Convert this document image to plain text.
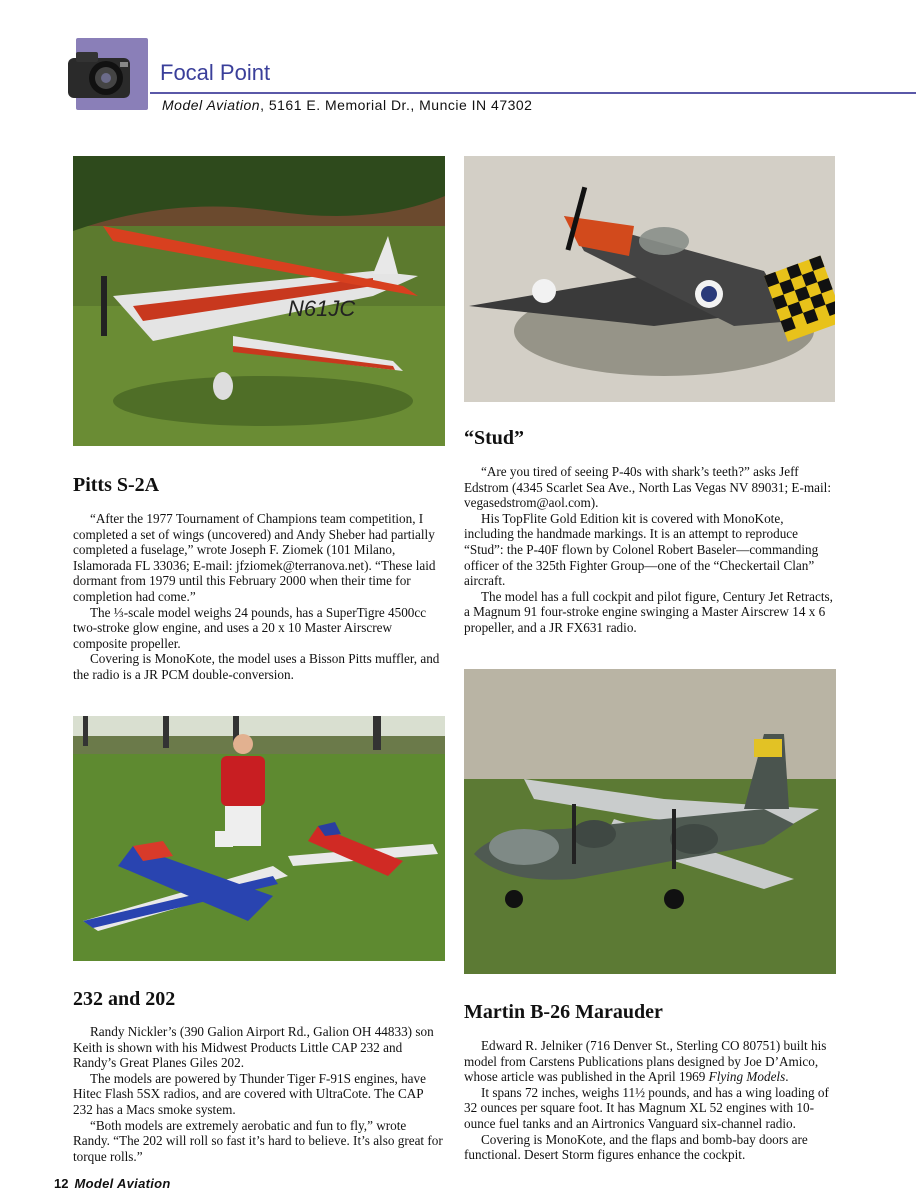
Focal Point
Model Aviation, 5161 E. Memorial Dr., Muncie IN 47302
N61JC
“Stud”

“Are you tired of seeing P-40s with shark’s teeth?” asks Jeff Edstrom (4345 Scarlet Sea Ave., North Las Vegas NV 89031; E-mail: vegasedstrom@aol.com).

His TopFlite Gold Edition kit is covered with MonoKote, including the handmade markings. It is an attempt to reproduce “Stud”: the P-40F flown by Colonel Robert Baseler—commanding officer of the 325th Fighter Group—one of the “Checkertail Clan” aircraft.

The model has a full cockpit and pilot figure, Century Jet Retracts, a Magnum 91 four-stroke engine swinging a Master Airscrew 14 x 6 propeller, and a JR FX631 radio.

Pitts S-2A

“After the 1977 Tournament of Champions team competition, I completed a set of wings (uncovered) and Andy Sheber had partially completed a fuselage,” wrote Joseph F. Ziomek (101 Milano, Islamorada FL 33036; E-mail: jfziomek@terranova.net). “These laid dormant from 1979 until this February 2000 when their time for completion had come.”

The ⅓-scale model weighs 24 pounds, has a SuperTigre 4500cc two-stroke glow engine, and uses a 20 x 10 Master Airscrew composite propeller.

Covering is MonoKote, the model uses a Bisson Pitts muffler, and the radio is a JR PCM double-conversion.

232 and 202

Randy Nickler’s (390 Galion Airport Rd., Galion OH 44833) son Keith is shown with his Midwest Products Little CAP 232 and Randy’s Great Planes Giles 202.

The models are powered by Thunder Tiger F-91S engines, have Hitec Flash 5SX radios, and are covered with UltraCote. The CAP 232 has a Macs smoke system.

“Both models are extremely aerobatic and fun to fly,” wrote Randy. “The 202 will roll so fast it’s hard to believe. It’s also great for torque rolls.”

Martin B-26 Marauder

Edward R. Jelniker (716 Denver St., Sterling CO 80751) built his model from Carstens Publications plans designed by Joe D’Amico, whose article was published in the April 1969 Flying Models.

It spans 72 inches, weighs 11½ pounds, and has a wing loading of 32 ounces per square foot. It has Magnum XL 52 engines with 10-ounce fuel tanks and an Airtronics Vanguard six-channel radio.

Covering is MonoKote, and the flaps and bomb-bay doors are functional. Desert Storm figures enhance the cockpit.

12 Model Aviation
